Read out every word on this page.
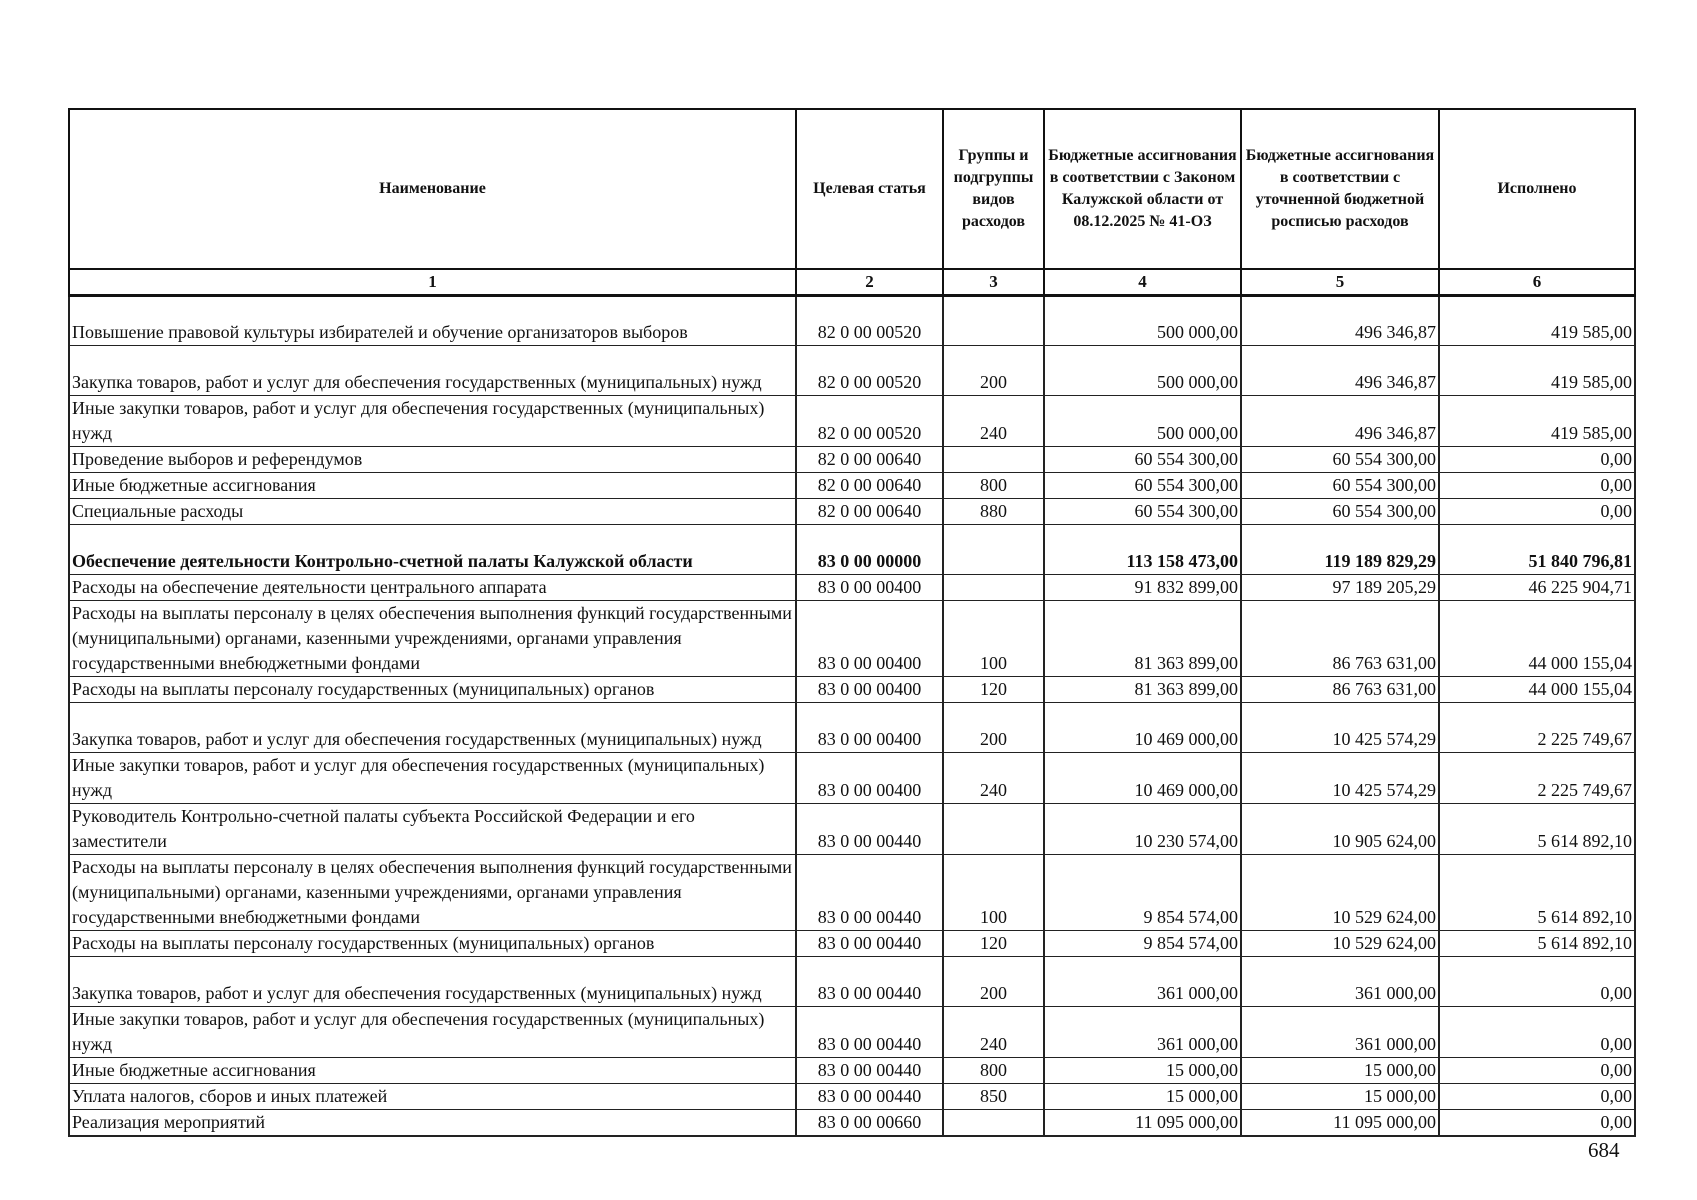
Наименование	Целевая статья	Группы и подгруппы видов расходов	Бюджетные ассигнования в соответствии с Законом Калужской области от 08.12.2025 № 41-ОЗ	Бюджетные ассигнования в соответствии с уточненной бюджетной росписью расходов	Исполнено
1	2	3	4	5	6
Повышение правовой культуры избирателей и обучение организаторов выборов	82 0 00 00520		500 000,00	496 346,87	419 585,00
Закупка товаров, работ и услуг для обеспечения государственных (муниципальных) нужд	82 0 00 00520	200	500 000,00	496 346,87	419 585,00
Иные закупки товаров, работ и услуг для обеспечения государственных (муниципальных) нужд	82 0 00 00520	240	500 000,00	496 346,87	419 585,00
Проведение выборов и референдумов	82 0 00 00640		60 554 300,00	60 554 300,00	0,00
Иные бюджетные ассигнования	82 0 00 00640	800	60 554 300,00	60 554 300,00	0,00
Специальные расходы	82 0 00 00640	880	60 554 300,00	60 554 300,00	0,00
Обеспечение деятельности Контрольно-счетной палаты Калужской области	83 0 00 00000		113 158 473,00	119 189 829,29	51 840 796,81
Расходы на обеспечение деятельности центрального аппарата	83 0 00 00400		91 832 899,00	97 189 205,29	46 225 904,71
Расходы на выплаты персоналу в целях обеспечения выполнения функций государственными (муниципальными) органами, казенными учреждениями, органами управления государственными внебюджетными фондами	83 0 00 00400	100	81 363 899,00	86 763 631,00	44 000 155,04
Расходы на выплаты персоналу государственных (муниципальных) органов	83 0 00 00400	120	81 363 899,00	86 763 631,00	44 000 155,04
Закупка товаров, работ и услуг для обеспечения государственных (муниципальных) нужд	83 0 00 00400	200	10 469 000,00	10 425 574,29	2 225 749,67
Иные закупки товаров, работ и услуг для обеспечения государственных (муниципальных) нужд	83 0 00 00400	240	10 469 000,00	10 425 574,29	2 225 749,67
Руководитель Контрольно-счетной палаты субъекта Российской Федерации и его заместители	83 0 00 00440		10 230 574,00	10 905 624,00	5 614 892,10
Расходы на выплаты персоналу в целях обеспечения выполнения функций государственными (муниципальными) органами, казенными учреждениями, органами управления государственными внебюджетными фондами	83 0 00 00440	100	9 854 574,00	10 529 624,00	5 614 892,10
Расходы на выплаты персоналу государственных (муниципальных) органов	83 0 00 00440	120	9 854 574,00	10 529 624,00	5 614 892,10
Закупка товаров, работ и услуг для обеспечения государственных (муниципальных) нужд	83 0 00 00440	200	361 000,00	361 000,00	0,00
Иные закупки товаров, работ и услуг для обеспечения государственных (муниципальных) нужд	83 0 00 00440	240	361 000,00	361 000,00	0,00
Иные бюджетные ассигнования	83 0 00 00440	800	15 000,00	15 000,00	0,00
Уплата налогов, сборов и иных платежей	83 0 00 00440	850	15 000,00	15 000,00	0,00
Реализация мероприятий	83 0 00 00660		11 095 000,00	11 095 000,00	0,00
684
